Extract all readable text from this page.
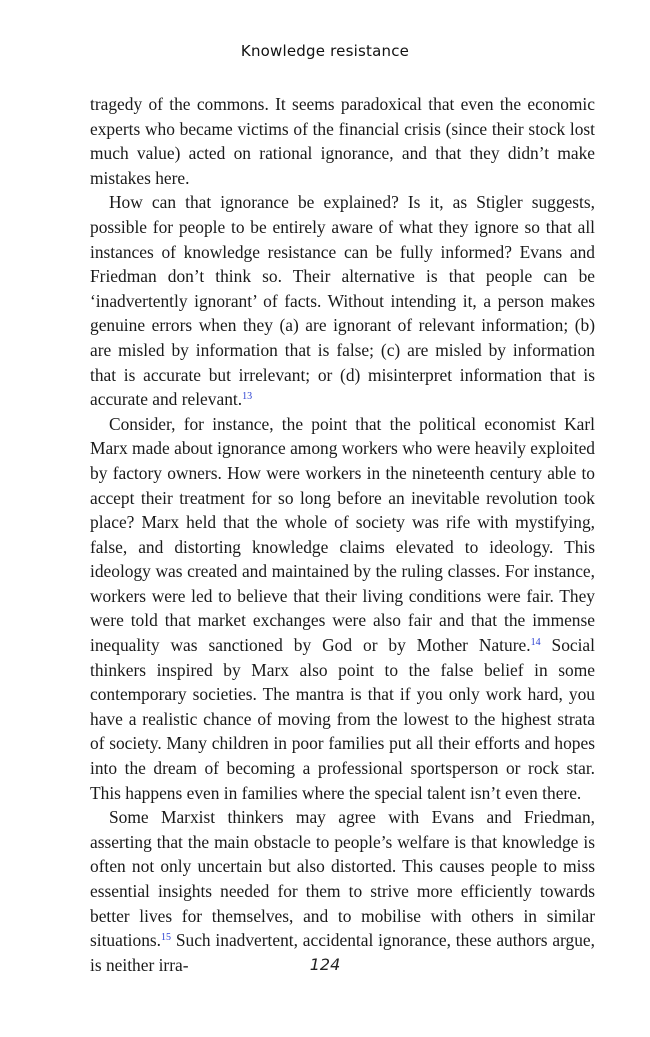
Knowledge resistance

tragedy of the commons. It seems paradoxical that even the economic experts who became victims of the financial crisis (since their stock lost much value) acted on rational ignorance, and that they didn’t make mistakes here.

How can that ignorance be explained? Is it, as Stigler suggests, possible for people to be entirely aware of what they ignore so that all instances of knowledge resistance can be fully informed? Evans and Friedman don’t think so. Their alternative is that people can be ‘inadvertently ignorant’ of facts. Without intending it, a person makes genuine errors when they (a) are ignorant of relevant information; (b) are misled by information that is false; (c) are misled by information that is accurate but irrelevant; or (d) misinterpret information that is accurate and relevant.$^{13}$

Consider, for instance, the point that the political economist Karl Marx made about ignorance among workers who were heavily exploited by factory owners. How were workers in the nineteenth century able to accept their treatment for so long before an inevitable revolution took place? Marx held that the whole of society was rife with mystifying, false, and distorting knowledge claims elevated to ideology. This ideology was created and maintained by the ruling classes. For instance, workers were led to believe that their living conditions were fair. They were told that market exchanges were also fair and that the immense inequality was sanctioned by God or by Mother Nature.$^{14}$ Social thinkers inspired by Marx also point to the false belief in some contemporary societies. The mantra is that if you only work hard, you have a realistic chance of moving from the lowest to the highest strata of society. Many children in poor families put all their efforts and hopes into the dream of becoming a professional sportsperson or rock star. This happens even in families where the special talent isn’t even there.

Some Marxist thinkers may agree with Evans and Friedman, asserting that the main obstacle to people’s welfare is that knowledge is often not only uncertain but also distorted. This causes people to miss essential insights needed for them to strive more efficiently towards better lives for themselves, and to mobilise with others in similar situations.$^{15}$ Such inadvertent, accidental ignorance, these authors argue, is neither irra-	124
